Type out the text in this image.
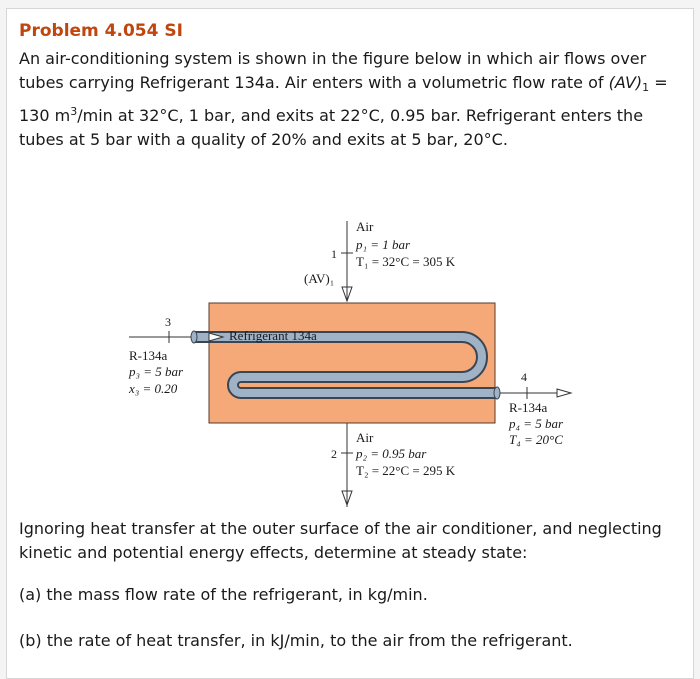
Problem 4.054 SI
An air-conditioning system is shown in the figure below in which air flows over tubes carrying Refrigerant 134a. Air enters with a volumetric flow rate of $(AV)_1 = 130$ $m^3/\min$ at 32°C, 1 bar, and exits at 22°C, 0.95 bar. Refrigerant enters the tubes at 5 bar with a quality of 20% and exits at 5 bar, 20°C.
Air
1
p₁ = 1 bar
T₁ = 32°C = 305 K
(AV)₁
3
R-134a
p₃ = 5 bar
x₃ = 0.20
Refrigerant 134a
4
R-134a
p₄ = 5 bar
T₄ = 20°C
Air
2 p₂ = 0.95 bar
T₂ = 22°C = 295 K
Ignoring heat transfer at the outer surface of the air conditioner, and neglecting kinetic and potential energy effects, determine at steady state:
(a) the mass flow rate of the refrigerant, in kg/min.
(b) the rate of heat transfer, in kJ/min, to the air from the refrigerant.
